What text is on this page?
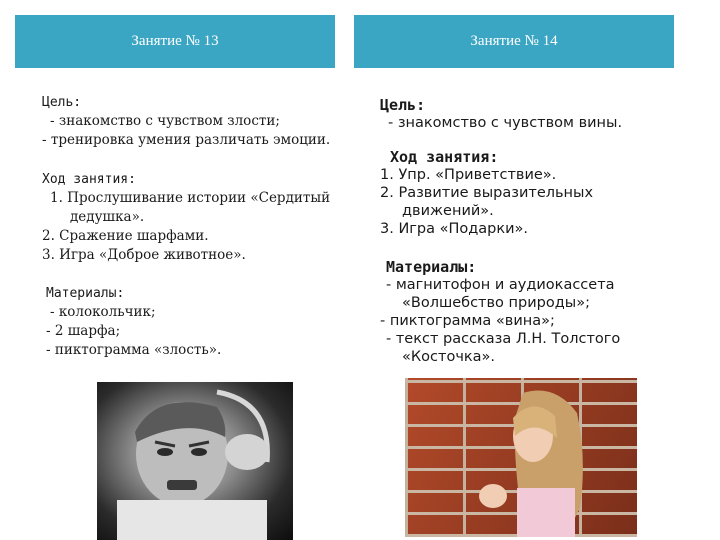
Занятие № 13	Занятие № 14

Цель:

- знакомство с чувством злости;

- тренировка умения различать эмоции.

Ход занятия:

1. Прослушивание истории «Сердитый дедушка».

2. Сражение шарфами.

3. Игра «Доброе животное».

Материалы:

- колокольчик;

- 2 шарфа;

- пиктограмма «злость».

Цель:

- знакомство с чувством вины.

Ход занятия:

1. Упр. «Приветствие».

2. Развитие выразительных движений».

3. Игра «Подарки».

Материалы:

- магнитофон и аудиокассета «Волшебство природы»;

- пиктограмма «вина»;

- текст рассказа Л.Н. Толстого «Косточка».
